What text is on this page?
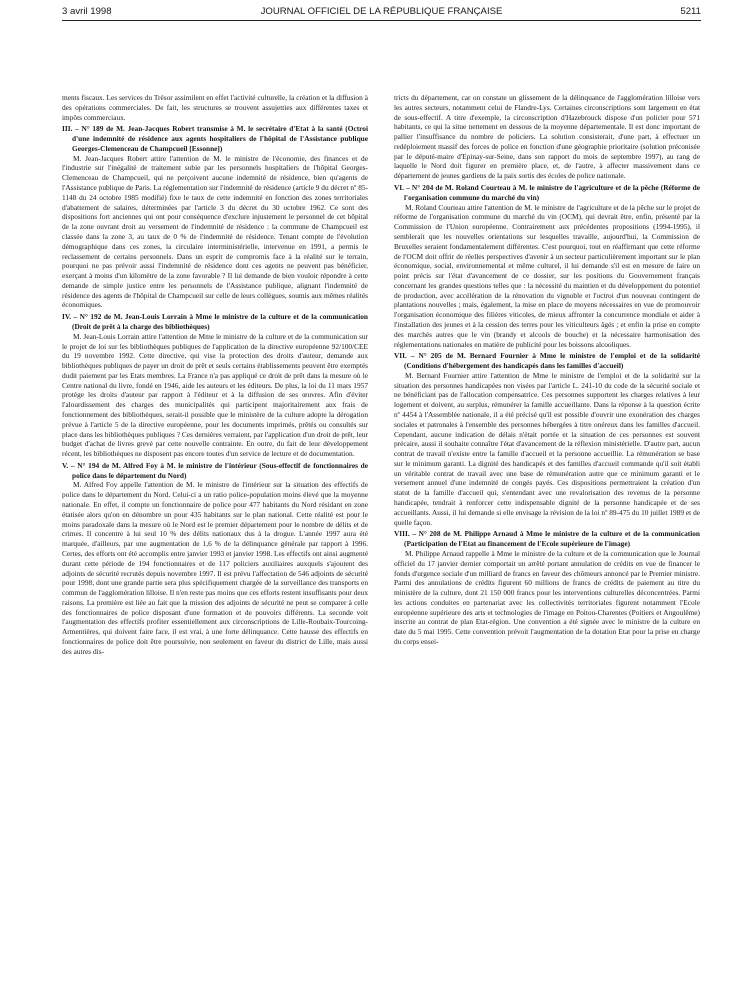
3 avril 1998	JOURNAL OFFICIEL DE LA RÉPUBLIQUE FRANÇAISE	5211

ments fiscaux. Les services du Trésor assimilent en effet l'activité culturelle, la création et la diffusion à des opérations commerciales. De fait, les structures se trouvent assujetties aux différentes taxes et impôts commerciaux.

III. – N° 189 de M. Jean-Jacques Robert transmise à M. le secrétaire d'Etat à la santé (Octroi d'une indemnité de résidence aux agents hospitaliers de l'hôpital de l'Assistance publique Georges-Clemenceau de Champcueil [Essonne])

M. Jean-Jacques Robert attire l'attention de M. le ministre de l'économie, des finances et de l'industrie sur l'inégalité de traitement subie par les personnels hospitaliers de l'hôpital Georges-Clemenceau de Champcueil, qui ne perçoivent aucune indemnité de résidence, bien qu'agents de l'Assistance publique de Paris. La réglementation sur l'indemnité de résidence (article 9 du décret nº 85-1148 du 24 octobre 1985 modifié) fixe le taux de cette indemnité en fonction des zones territoriales d'abattement de salaires, déterminées par l'article 3 du décret du 30 octobre 1962. Ce sont des dispositions fort anciennes qui ont pour conséquence d'exclure injustement le personnel de cet hôpital de la zone ouvrant droit au versement de l'indemnité de résidence : la commune de Champcueil est classée dans la zone 3, au taux de 0 % de l'indemnité de résidence. Tenant compte de l'évolution démographique dans ces zones, la circulaire interministérielle, intervenue en 1991, a permis le reclassement de certains personnels. Dans un esprit de compromis face à la réalité sur le terrain, pourquoi ne pas prévoir aussi l'indemnité de résidence dont ces agents ne peuvent pas bénéficier, exerçant à moins d'un kilomètre de la zone favorable ? Il lui demande de bien vouloir répondre à cette demande de simple justice entre les personnels de l'Assistance publique, alignant l'indemnité de résidence des agents de l'hôpital de Champcueil sur celle de leurs collègues, soumis aux mêmes réalités économiques.

IV. – N° 192 de M. Jean-Louis Lorrain à Mme le ministre de la culture et de la communication (Droit de prêt à la charge des bibliothèques)

M. Jean-Louis Lorrain attire l'attention de Mme le ministre de la culture et de la communication sur le projet de loi sur les bibliothèques publiques de l'application de la directive européenne 92/100/CEE du 19 novembre 1992. Cette directive, qui vise la protection des droits d'auteur, demande aux bibliothèques publiques de payer un droit de prêt et seuls certains établissements peuvent être exemptés dudit paiement par les Etats membres. La France n'a pas appliqué ce droit de prêt dans la mesure où le Centre national du livre, fondé en 1946, aide les auteurs et les éditeurs. De plus, la loi du 11 mars 1957 protège les droits d'auteur par rapport à l'éditeur et à la diffusion de ses œuvres. Afin d'éviter l'alourdissement des charges des municipalités qui participent majoritairement aux frais de fonctionnement des bibliothèques, serait-il possible que le ministère de la culture adopte la dérogation prévue à l'article 5 de la directive européenne, pour les documents imprimés, prêtés ou consultés sur place dans les bibliothèques publiques ? Ces dernières verraient, par l'application d'un droit de prêt, leur budget d'achat de livres grevé par cette nouvelle contrainte. En outre, du fait de leur développement récent, les bibliothèques ne disposent pas encore toutes d'un service de lecture et de documentation.

V. – N° 194 de M. Alfred Foy à M. le ministre de l'intérieur (Sous-effectif de fonctionnaires de police dans le département du Nord)

M. Alfred Foy appelle l'attention de M. le ministre de l'intérieur sur la situation des effectifs de police dans le département du Nord. Celui-ci a un ratio police-population moins élevé que la moyenne nationale. En effet, il compte un fonctionnaire de police pour 477 habitants du Nord résidant en zone étatisée alors qu'on en dénombre un pour 435 habitants sur le plan national. Cette réalité est pour le moins paradoxale dans la mesure où le Nord est le premier département pour le nombre de délits et de crimes. Il concentre à lui seul 10 % des délits nationaux dus à la drogue. L'année 1997 aura été marquée, d'ailleurs, par une augmentation de 1,6 % de la délinquance générale par rapport à 1996. Certes, des efforts ont été accomplis entre janvier 1993 et janvier 1998. Les effectifs ont ainsi augmenté durant cette période de 194 fonctionnaires et de 117 policiers auxiliaires auxquels s'ajoutent des adjoints de sécurité recrutés depuis novembre 1997. Il est prévu l'affectation de 546 adjoints de sécurité pour 1998, dont une grande partie sera plus spécifiquement chargée de la surveillance des transports en commun de l'agglomération lilloise. Il n'en reste pas moins que ces efforts restent insuffisants pour deux raisons. La première est liée au fait que la mission des adjoints de sécurité ne peut se comparer à celle des fonctionnaires de police disposant d'une formation et de pouvoirs différents. La seconde voit l'augmentation des effectifs profiter essentiellement aux circonscriptions de Lille-Roubaix-Tourcoing-Armentières, qui doivent faire face, il est vrai, à une forte délinquance. Cette hausse des effectifs en fonctionnaires de police doit être poursuivie, non seulement en faveur du district de Lille, mais aussi des autres dis-

tricts du département, car on constate un glissement de la délinquance de l'agglomération lilloise vers les autres secteurs, notamment celui de Flandre-Lys. Certaines circonscriptions sont largement en état de sous-effectif. A titre d'exemple, la circonscription d'Hazebrouck dispose d'un policier pour 571 habitants, ce qui la situe nettement en dessous de la moyenne départementale. Il est donc important de pallier l'insuffisance du nombre de policiers. La solution consisterait, d'une part, à effectuer un redéploiement massif des forces de police en fonction d'une géographie prioritaire (solution préconisée par le député-maire d'Epinay-sur-Seine, dans son rapport du mois de septembre 1997), au rang de laquelle le Nord doit figurer en première place, et, de l'autre, à affecter massivement dans ce département de jeunes gardiens de la paix sortis des écoles de police nationale.

VI. – N° 204 de M. Roland Courteau à M. le ministre de l'agriculture et de la pêche (Réforme de l'organisation commune du marché du vin)

M. Roland Courteau attire l'attention de M. le ministre de l'agriculture et de la pêche sur le projet de réforme de l'organisation commune du marché du vin (OCM), qui devrait être, enfin, présenté par la Commission de l'Union européenne. Contrairement aux précédentes propositions (1994-1995), il semblerait que les nouvelles orientations sur lesquelles travaille, aujourd'hui, la Commission de Bruxelles seraient fondamentalement différentes. C'est pourquoi, tout en réaffirmant que cette réforme de l'OCM doit offrir de réelles perspectives d'avenir à un secteur particulièrement important sur le plan économique, social, environnemental et même culturel, il lui demande s'il est en mesure de faire un point précis sur l'état d'avancement de ce dossier, sur les positions du Gouvernement français concernant les grandes questions telles que : la nécessité du maintien et du développement du potentiel de production, avec accélération de la rénovation du vignoble et l'octroi d'un nouveau contingent de plantations nouvelles ; mais, également, la mise en place de moyens nécessaires en vue de promouvoir l'organisation économique des filières viticoles, de mieux affronter la concurrence mondiale et aider à l'installation des jeunes et à la cession des terres pour les viticulteurs âgés ; et enfin la prise en compte des marchés autres que le vin (brandy et alcools de bouche) et la nécessaire harmonisation des réglementations nationales en matière de publicité pour les boissons alcooliques.

VII. – N° 205 de M. Bernard Fournier à Mme le ministre de l'emploi et de la solidarité (Conditions d'hébergement des handicapés dans les familles d'accueil)

M. Bernard Fournier attire l'attention de Mme le ministre de l'emploi et de la solidarité sur la situation des personnes handicapées non visées par l'article L. 241-10 du code de la sécurité sociale et ne bénéficiant pas de l'allocation compensatrice. Ces personnes supportent les charges relatives à leur logement et doivent, au surplus, rémunérer la famille accueillante. Dans la réponse à la question écrite nº 4454 à l'Assemblée nationale, il a été précisé qu'il est possible d'ouvrir une exonération des charges sociales et patronales à l'ensemble des personnes hébergées à titre onéreux dans les familles d'accueil. Cependant, aucune indication de délais n'était portée et la situation de ces personnes est souvent précaire, aussi il souhaite connaître l'état d'avancement de la réflexion ministérielle. D'autre part, aucun contrat de travail n'existe entre la famille d'accueil et la personne accueillie. La rémunération se base sur le minimum garanti. La dignité des handicapés et des familles d'accueil commande qu'il soit établi un véritable contrat de travail avec une base de rémunération autre que ce minimum garanti et le versement annuel d'une indemnité de congés payés. Ces dispositions permettraient la création d'un statut de la famille d'accueil qui, s'entendant avec une revalorisation des revenus de la personne handicapée, tendrait à renforcer cette indispensable dignité de la personne handicapée et de ses accueillants. Aussi, il lui demande si elle envisage la révision de la loi nº 89-475 du 10 juillet 1989 et de quelle façon.

VIII. – N° 208 de M. Philippe Arnaud à Mme le ministre de la culture et de la communication (Participation de l'Etat au financement de l'Ecole supérieure de l'image)

M. Philippe Arnaud rappelle à Mme le ministre de la culture et de la communication que le Journal officiel du 17 janvier dernier comportait un arrêté portant annulation de crédits en vue de financer le fonds d'urgence sociale d'un milliard de francs en faveur des chômeurs annoncé par le Premier ministre. Parmi des annulations de crédits figurent 60 millions de francs de crédits de paiement au titre du ministère de la culture, dont 21 150 000 francs pour les interventions culturelles déconcentrées. Parmi les actions conduites en partenariat avec les collectivités territoriales figurent notamment l'Ecole européenne supérieure des arts et technologies de l'image en Poitou-Charentes (Poitiers et Angoulême) inscrite au contrat de plan Etat-région. Une convention a été signée avec le ministre de la culture en date du 5 mai 1995. Cette convention prévoit l'augmentation de la dotation Etat pour la prise en charge du corps ensei-
